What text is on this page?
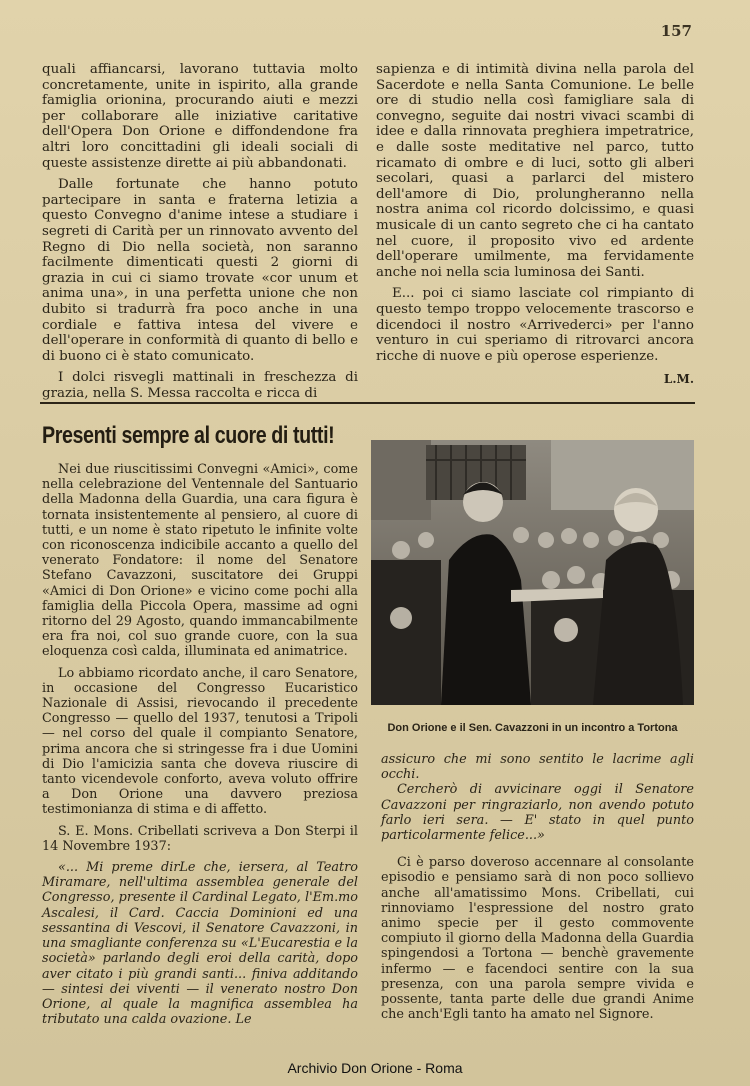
157

quali affiancarsi, lavorano tuttavia molto concretamente, unite in ispirito, alla grande famiglia orionina, procurando aiuti e mezzi per collaborare alle iniziative caritative dell'Opera Don Orione e diffondendone fra altri loro concittadini gli ideali sociali di queste assistenze dirette ai più abbandonati.

Dalle fortunate che hanno potuto partecipare in santa e fraterna letizia a questo Convegno d'anime intese a studiare i segreti di Carità per un rinnovato avvento del Regno di Dio nella società, non saranno facilmente dimenticati questi 2 giorni di grazia in cui ci siamo trovate «cor unum et anima una», in una perfetta unione che non dubito si tradurrà fra poco anche in una cordiale e fattiva intesa del vivere e dell'operare in conformità di quanto di bello e di buono ci è stato comunicato.

I dolci risvegli mattinali in freschezza di grazia, nella S. Messa raccolta e ricca di

sapienza e di intimità divina nella parola del Sacerdote e nella Santa Comunione. Le belle ore di studio nella così famigliare sala di convegno, seguite dai nostri vivaci scambi di idee e dalla rinnovata preghiera impetratrice, e dalle soste meditative nel parco, tutto ricamato di ombre e di luci, sotto gli alberi secolari, quasi a parlarci del mistero dell'amore di Dio, prolungheranno nella nostra anima col ricordo dolcissimo, e quasi musicale di un canto segreto che ci ha cantato nel cuore, il proposito vivo ed ardente dell'operare umilmente, ma fervidamente anche noi nella scia luminosa dei Santi.

E... poi ci siamo lasciate col rimpianto di questo tempo troppo velocemente trascorso e dicendoci il nostro «Arrivederci» per l'anno venturo in cui speriamo di ritrovarci ancora ricche di nuove e più operose esperienze.

L.M.

Presenti sempre al cuore di tutti!

Nei due riuscitissimi Convegni «Amici», come nella celebrazione del Ventennale del Santuario della Madonna della Guardia, una cara figura è tornata insistentemente al pensiero, al cuore di tutti, e un nome è stato ripetuto le infinite volte con riconoscenza indicibile accanto a quello del venerato Fondatore: il nome del Senatore Stefano Cavazzoni, suscitatore dei Gruppi «Amici di Don Orione» e vicino come pochi alla famiglia della Piccola Opera, massime ad ogni ritorno del 29 Agosto, quando immancabilmente era fra noi, col suo grande cuore, con la sua eloquenza così calda, illuminata ed animatrice.

Lo abbiamo ricordato anche, il caro Senatore, in occasione del Congresso Eucaristico Nazionale di Assisi, rievocando il precedente Congresso — quello del 1937, tenutosi a Tripoli — nel corso del quale il compianto Senatore, prima ancora che si stringesse fra i due Uomini di Dio l'amicizia santa che doveva riuscire di tanto vicendevole conforto, aveva voluto offrire a Don Orione una davvero preziosa testimonianza di stima e di affetto.

S. E. Mons. Cribellati scriveva a Don Sterpi il 14 Novembre 1937:

«... Mi preme dirLe che, iersera, al Teatro Miramare, nell'ultima assemblea generale del Congresso, presente il Cardinal Legato, l'Em.mo Ascalesi, il Card. Caccia Dominioni ed una sessantina di Vescovi, il Senatore Cavazzoni, in una smagliante conferenza su «L'Eucarestia e la società» parlando degli eroi della carità, dopo aver citato i più grandi santi... finiva additando — sintesi dei viventi — il venerato nostro Don Orione, al quale la magnifica assemblea ha tributato una calda ovazione. Le

Don Orione e il Sen. Cavazzoni in un incontro a Tortona

assicuro che mi sono sentito le lacrime agli occhi.

Cercherò di avvicinare oggi il Senatore Cavazzoni per ringraziarlo, non avendo potuto farlo ieri sera. — E' stato in quel punto particolarmente felice...»

Ci è parso doveroso accennare al consolante episodio e pensiamo sarà di non poco sollievo anche all'amatissimo Mons. Cribellati, cui rinnoviamo l'espressione del nostro grato animo specie per il gesto commovente compiuto il giorno della Madonna della Guardia spingendosi a Tortona — benchè gravemente infermo — e facendoci sentire con la sua presenza, con una parola sempre vivida e possente, tanta parte delle due grandi Anime che anch'Egli tanto ha amato nel Signore.

Archivio Don Orione - Roma
